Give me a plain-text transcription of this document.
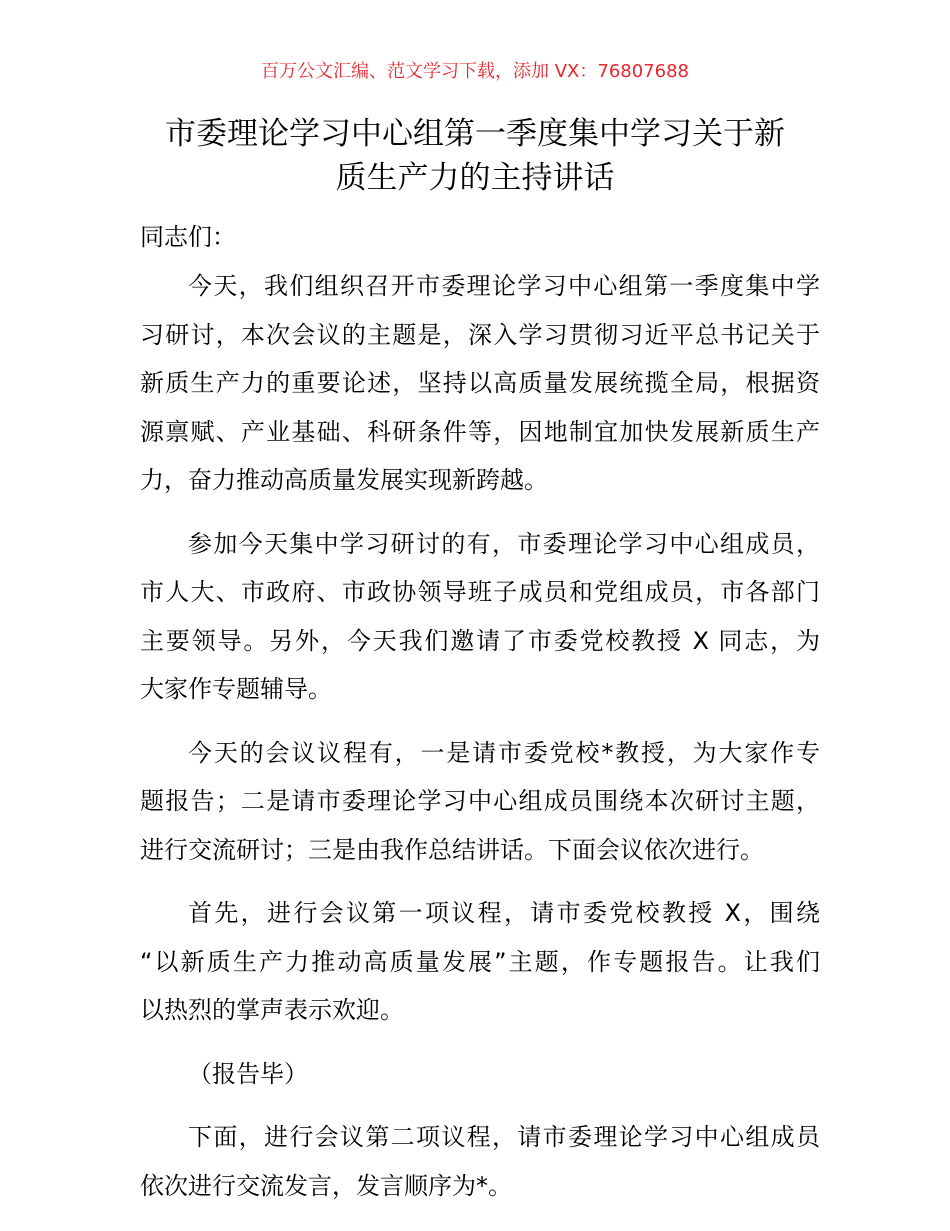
百万公文汇编、范文学习下载，添加 VX：76807688
市委理论学习中心组第一季度集中学习关于新
质生产力的主持讲话
同志们：
今天，我们组织召开市委理论学习中心组第一季度集中学
习研讨，本次会议的主题是，深入学习贯彻习近平总书记关于
新质生产力的重要论述，坚持以高质量发展统揽全局，根据资
源禀赋、产业基础、科研条件等，因地制宜加快发展新质生产
力，奋力推动高质量发展实现新跨越。
参加今天集中学习研讨的有，市委理论学习中心组成员，
市人大、市政府、市政协领导班子成员和党组成员，市各部门
主要领导。另外，今天我们邀请了市委党校教授 X 同志，为
大家作专题辅导。
今天的会议议程有，一是请市委党校*教授，为大家作专
题报告；二是请市委理论学习中心组成员围绕本次研讨主题，
进行交流研讨；三是由我作总结讲话。下面会议依次进行。
首先，进行会议第一项议程，请市委党校教授 X，围绕
“以新质生产力推动高质量发展”主题，作专题报告。让我们
以热烈的掌声表示欢迎。
（报告毕）
下面，进行会议第二项议程，请市委理论学习中心组成员
依次进行交流发言，发言顺序为*。
